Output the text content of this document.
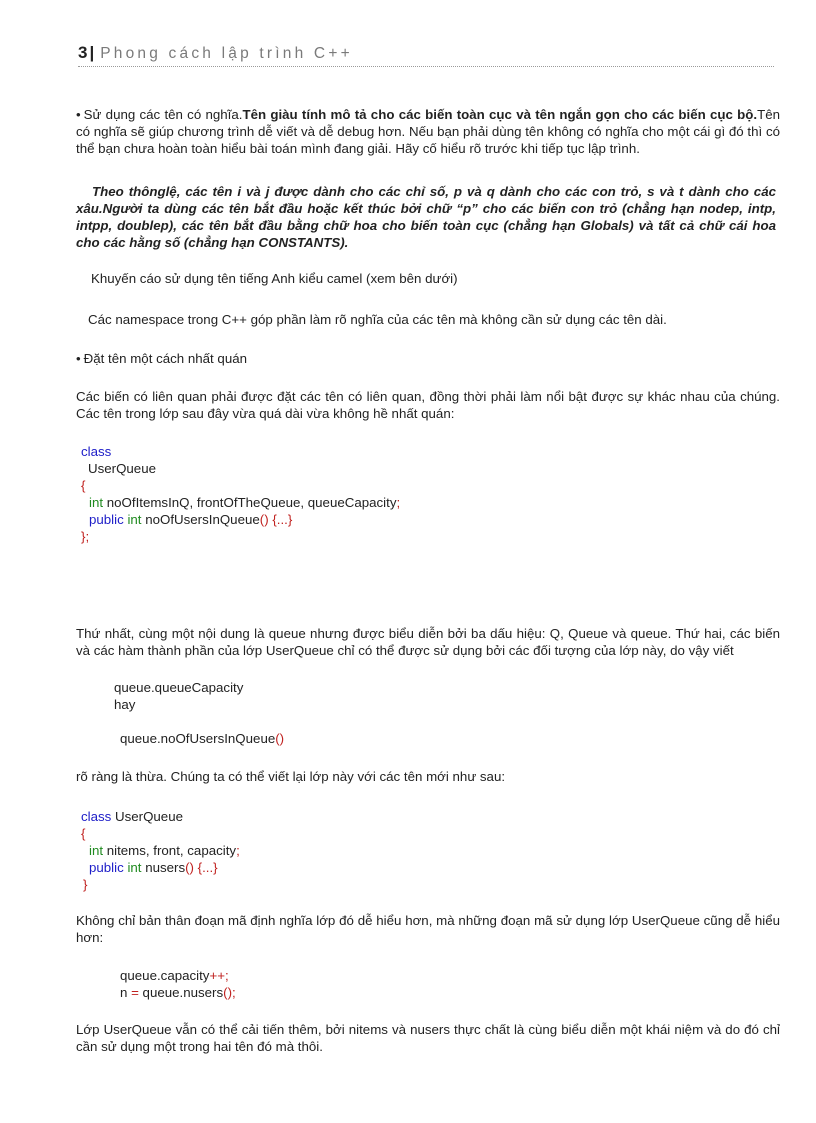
3 | Phong cách lập trình C++
• Sử dụng các tên có nghĩa.Tên giàu tính mô tả cho các biến toàn cục và tên ngắn gọn cho các biến cục bộ.Tên có nghĩa sẽ giúp chương trình dễ viết và dễ debug hơn. Nếu bạn phải dùng tên không có nghĩa cho một cái gì đó thì có thể bạn chưa hoàn toàn hiểu bài toán mình đang giải. Hãy cố hiểu rõ trước khi tiếp tục lập trình.
Theo thônglệ, các tên i và j được dành cho các chỉ số, p và q dành cho các con trỏ, s và t dành cho các xâu.Người ta dùng các tên bắt đầu hoặc kết thúc bởi chữ “p” cho các biến con trỏ (chẳng hạn nodep, intp, intpp, doublep), các tên bắt đầu bằng chữ hoa cho biến toàn cục (chẳng hạn Globals) và tất cả chữ cái hoa cho các hằng số (chẳng hạn CONSTANTS).
Khuyến cáo sử dụng tên tiếng Anh kiểu camel (xem bên dưới)
Các namespace trong C++ góp phần làm rõ nghĩa của các tên mà không cần sử dụng các tên dài.
• Đặt tên một cách nhất quán
Các biến có liên quan phải được đặt các tên có liên quan, đồng thời phải làm nổi bật được sự khác nhau của chúng. Các tên trong lớp sau đây vừa quá dài vừa không hề nhất quán:
class
UserQueue
{
int noOfItemsInQ, frontOfTheQueue, queueCapacity;
public int noOfUsersInQueue() {...}
};
Thứ nhất, cùng một nội dung là queue nhưng được biểu diễn bởi ba dấu hiệu: Q, Queue và queue. Thứ hai, các biến và các hàm thành phần của lớp UserQueue chỉ có thể được sử dụng bởi các đối tượng của lớp này, do vậy viết
queue.queueCapacity
hay
queue.noOfUsersInQueue()
rõ ràng là thừa. Chúng ta có thể viết lại lớp này với các tên mới như sau:
class UserQueue
{
int nitems, front, capacity;
public int nusers() {...}
}
Không chỉ bản thân đoạn mã định nghĩa lớp đó dễ hiểu hơn, mà những đoạn mã sử dụng lớp UserQueue cũng dễ hiểu hơn:
queue.capacity++;
n = queue.nusers();
Lớp UserQueue vẫn có thể cải tiến thêm, bởi nitems và nusers thực chất là cùng biểu diễn một khái niệm và do đó chỉ cần sử dụng một trong hai tên đó mà thôi.
